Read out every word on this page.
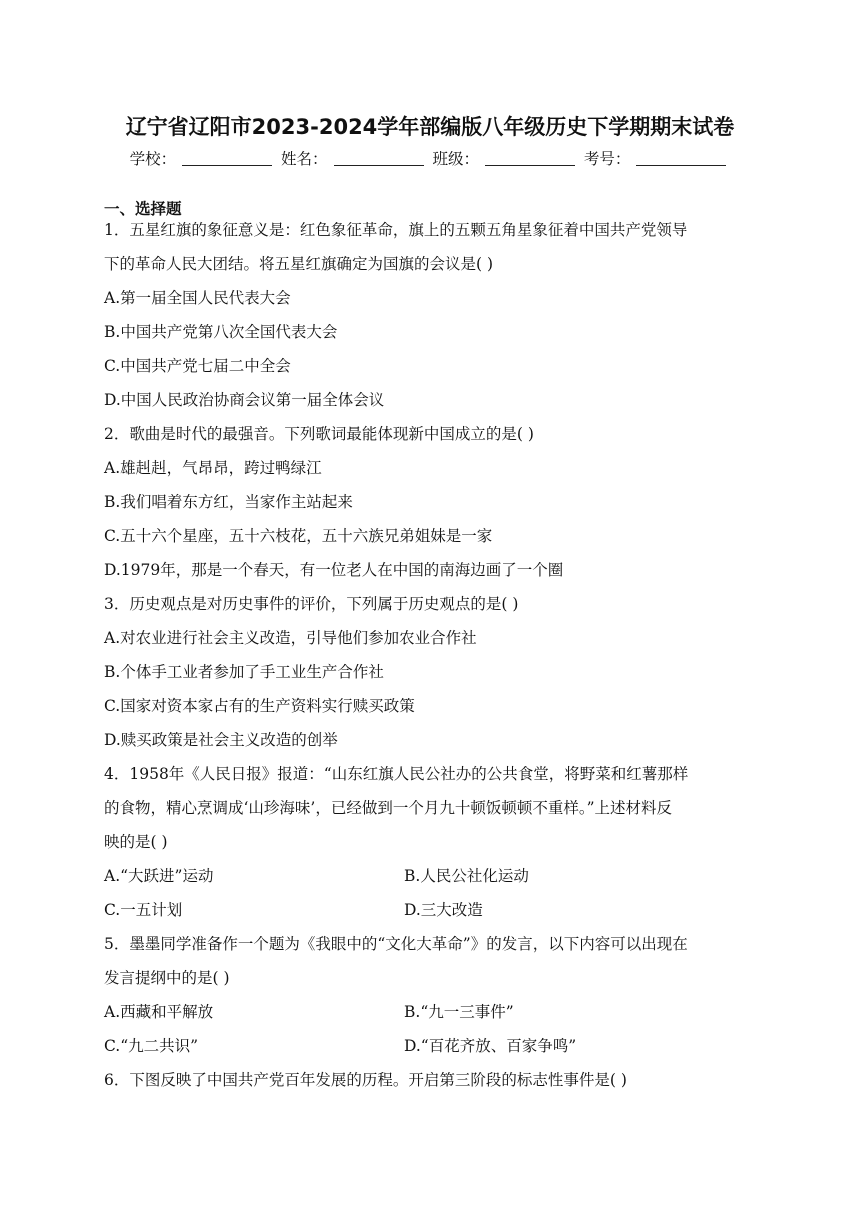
辽宁省辽阳市2023-2024学年部编版八年级历史下学期期末试卷
学校：	姓名：	班级：	考号：
一、选择题
1．五星红旗的象征意义是：红色象征革命，旗上的五颗五角星象征着中国共产党领导
下的革命人民大团结。将五星红旗确定为国旗的会议是( )
A.第一届全国人民代表大会
B.中国共产党第八次全国代表大会
C.中国共产党七届二中全会
D.中国人民政治协商会议第一届全体会议
2．歌曲是时代的最强音。下列歌词最能体现新中国成立的是( )
A.雄赳赳，气昂昂，跨过鸭绿江
B.我们唱着东方红，当家作主站起来
C.五十六个星座，五十六枝花，五十六族兄弟姐妹是一家
D.1979年，那是一个春天，有一位老人在中国的南海边画了一个圈
3．历史观点是对历史事件的评价，下列属于历史观点的是( )
A.对农业进行社会主义改造，引导他们参加农业合作社
B.个体手工业者参加了手工业生产合作社
C.国家对资本家占有的生产资料实行赎买政策
D.赎买政策是社会主义改造的创举
4．1958年《人民日报》报道：“山东红旗人民公社办的公共食堂，将野菜和红薯那样
的食物，精心烹调成‘山珍海味’，已经做到一个月九十顿饭顿顿不重样。”上述材料反
映的是( )
A.“大跃进”运动	B.人民公社化运动
C.一五计划	D.三大改造
5．墨墨同学准备作一个题为《我眼中的“文化大革命”》的发言，以下内容可以出现在
发言提纲中的是( )
A.西藏和平解放	B.“九一三事件”
C.“九二共识”	D.“百花齐放、百家争鸣”
6．下图反映了中国共产党百年发展的历程。开启第三阶段的标志性事件是( )
